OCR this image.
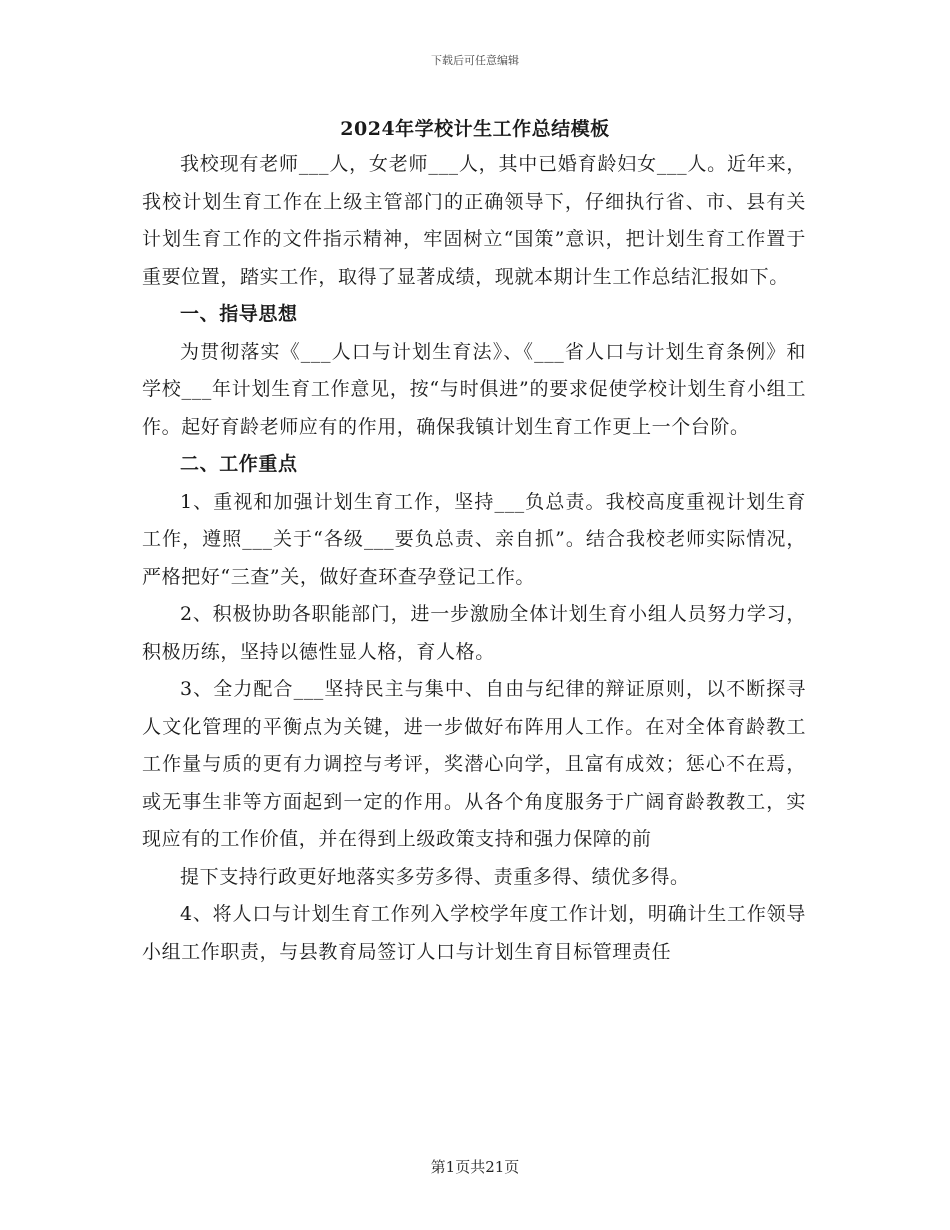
下载后可任意编辑
2024年学校计生工作总结模板

我校现有老师___人，女老师___人，其中已婚育龄妇女___人。近年来，我校计划生育工作在上级主管部门的正确领导下，仔细执行省、市、县有关计划生育工作的文件指示精神，牢固树立“国策”意识，把计划生育工作置于重要位置，踏实工作，取得了显著成绩，现就本期计生工作总结汇报如下。

一、指导思想

为贯彻落实《___人口与计划生育法》、《___省人口与计划生育条例》和学校___年计划生育工作意见，按“与时俱进”的要求促使学校计划生育小组工作。起好育龄老师应有的作用，确保我镇计划生育工作更上一个台阶。

二、工作重点

1、重视和加强计划生育工作，坚持___负总责。我校高度重视计划生育工作，遵照___关于“各级___要负总责、亲自抓”。结合我校老师实际情况，严格把好“三查”关，做好查环查孕登记工作。

2、积极协助各职能部门，进一步激励全体计划生育小组人员努力学习，积极历练，坚持以德性显人格，育人格。

3、全力配合___坚持民主与集中、自由与纪律的辩证原则，以不断探寻人文化管理的平衡点为关键，进一步做好布阵用人工作。在对全体育龄教工工作量与质的更有力调控与考评，奖潜心向学，且富有成效；惩心不在焉，或无事生非等方面起到一定的作用。从各个角度服务于广阔育龄教教工，实现应有的工作价值，并在得到上级政策支持和强力保障的前

提下支持行政更好地落实多劳多得、责重多得、绩优多得。

4、将人口与计划生育工作列入学校学年度工作计划，明确计生工作领导小组工作职责，与县教育局签订人口与计划生育目标管理责任

第1页共21页
